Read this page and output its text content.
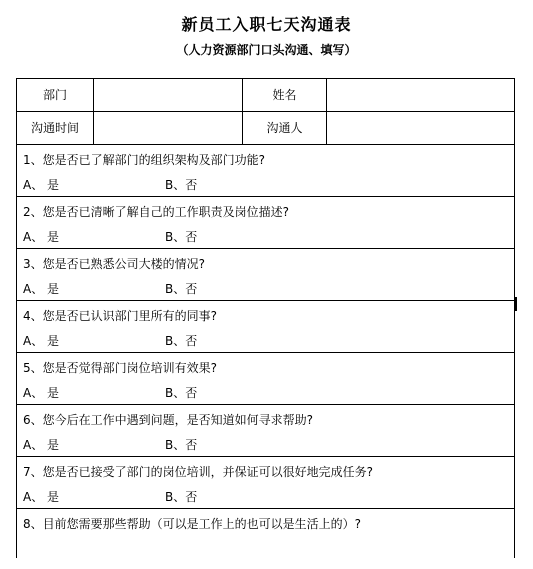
新员工入职七天沟通表
（人力资源部门口头沟通、填写）
部门	姓名
沟通时间	沟通人
1、您是否已了解部门的组织架构及部门功能?
A、 是	B、否
2、您是否已清晰了解自己的工作职责及岗位描述?
A、 是	B、否
3、您是否已熟悉公司大楼的情况?
A、 是	B、否
4、您是否已认识部门里所有的同事?
A、 是	B、否
5、您是否觉得部门岗位培训有效果?
A、 是	B、否
6、您今后在工作中遇到问题，是否知道如何寻求帮助?
A、 是	B、否
7、您是否已接受了部门的岗位培训，并保证可以很好地完成任务?
A、 是	B、否
8、目前您需要那些帮助（可以是工作上的也可以是生活上的）?
